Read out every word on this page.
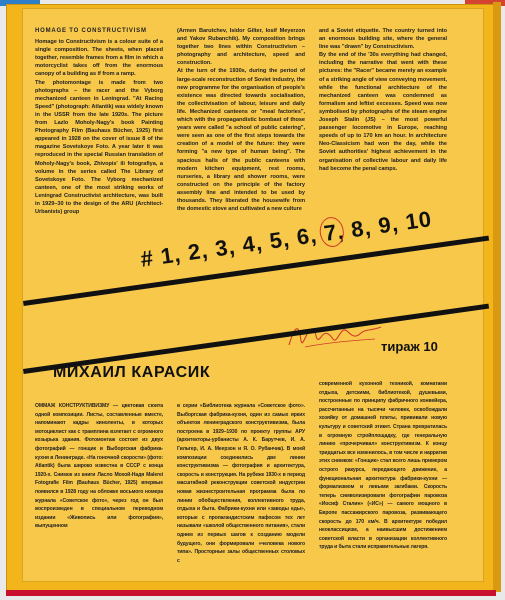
HOMAGE TO CONSTRUCTIVISM

Homage to Constructivism is a colour suite of a single composition. The sheets, when placed together, resemble frames from a film in which a motorcyclist takes off from the enormous canopy of a building as if from a ramp.

The photomontage is made from two photographs – the racer and the Vyborg mechanized canteen in Leningrad. "At Racing Speed" (photograph: Atlantik) was widely known in the USSR from the late 1920s. The picture from Lazlo Moholy-Nagy's book Painting Photography Film (Bauhaus Bücher, 1925) first appeared in 1928 on the cover of issue 8 of the magazine Sovetskoye Foto. A year later it was reproduced in the special Russian translation of Moholy-Nagy's book, Zhivopis' ili fotografiya, a volume in the series called The Library of Sovetskoye Foto. The Vyborg mechanized canteen, one of the most striking works of Leningrad Constructivist architecture, was built in 1929–30 to the design of the ARU (Architect-Urbanists) group

(Armen Barutchev, Isidor Gilter, Iosif Meyerzon and Yakov Rubanchik). My composition brings together two lines within Constructivism – photography and architecture, speed and construction.

At the turn of the 1930s, during the period of large-scale reconstruction of Soviet industry, the new programme for the organisation of people's existence was directed towards socialisation, the collectivisation of labour, leisure and daily life. Mechanized canteens or "meal factories", which with the propagandistic bombast of those years were called "a school of public catering", were seen as one of the first steps towards the creation of a model of the future: they were forming "a new type of human being". The spacious halls of the public canteens with modern kitchen equipment, rest rooms, nurseries, a library and shower rooms, were constructed on the principle of the factory assembly line and intended to be used by thousands. They liberated the housewife from the domestic stove and cultivated a new culture

and a Soviet etiquette. The country turned into an enormous building site, where the general line was "drawn" by Constructivism.

By the end of the '30s everything had changed, including the narrative that went with these pictures: the "Racer" became merely an example of a striking angle of view conveying movement, while the functional architecture of the mechanized canteen was condemned as formalism and leftist excesses. Speed was now symbolised by photographs of the steam engine Joseph Stalin (JS) – the most powerful passenger locomotive in Europe, reaching speeds of up to 170 km an hour. In architecture Neo-Classicism had won the day, while the Soviet authorities' highest achievement in the organisation of collective labour and daily life had become the penal camps.

# 1, 2, 3, 4, 5, 6, 7, 8, 9, 10
тираж 10
МИХАИЛ КАРАСИК
ОММАЖ КОНСТРУКТИВИЗМУ — цветовая сюита одной композиции. Листы, составленные вместе, напоминают кадры киноленты, в которых мотоциклист как с трамплина взлетает с огромного козырька здания. Фотомонтаж состоит из двух фотографий — гонщик и Выборгская фабрика-кухня в Ленинграде. «На гоночной скорости» (фото: Atlantik) была широко известна в СССР с конца 1920-х. Снимок из книги Ласло Мохой-Надя Malerei Fotografie Film (Bauhaus Bücher, 1925) впервые появился в 1928 году на обложке восьмого номера журнала «Советское фото», через год он был воспроизведен в специальном переводном издании «Живопись или фотография», выпущенном
в серии «Библиотека журнала «Советское фото». Выборгская фабрика-кухня, один из самых ярких объектов ленинградского конструктивизма, была построена в 1929–1930 по проекту группы АРУ (архитекторы-урбанисты А. К. Барутчев, И. А. Гильтер, И. А. Меерзон и Я. О. Рубанчик). В моей композиции соединились две линии конструктивизма — фотография и архитектура, скорость и конструкция. На рубеже 1930-х в период масштабной реконструкции советской индустрии новая жизнестроительная программа была по линии обобществления, коллективного труда, отдыха и быта. Фабрики-кухни или «заводы еды», которые с пропагандистским пафосом тех лет называли «школой общественного питания», стали одним из первых шагов к созданию модели будущего, они формировали «человека нового типа». Просторные залы общественных столовых с
современной кухонной техникой, комнатами отдыха, детскими, библиотекой, душевыми, построенные по принципу фабричного конвейера, рассчитанные на тысячи человек, освобождали хозяйку от домашней плиты, прививали новую культуру и советский этикет. Страна превратилась в огромную стройплощадку, где генеральную линию «прочерчивал» конструктивизм. К концу тридцатых все изменилось, в том числе и нарратив этих снимков: «Гонщик» стал всего лишь примером острого ракурса, передающего движение, а функциональная архитектура фабрики-кухни — формализмом и левыми загибами. Скорость теперь символизировали фотографии паровоза «Иосиф Сталин» («ИС») — самого мощного в Европе пассажирского паровоза, развивающего скорость до 170 км/ч. В архитектуре победил неоклассицизм, а наивысшим достижением советской власти в организации коллективного труда и быта стали исправительные лагеря.
